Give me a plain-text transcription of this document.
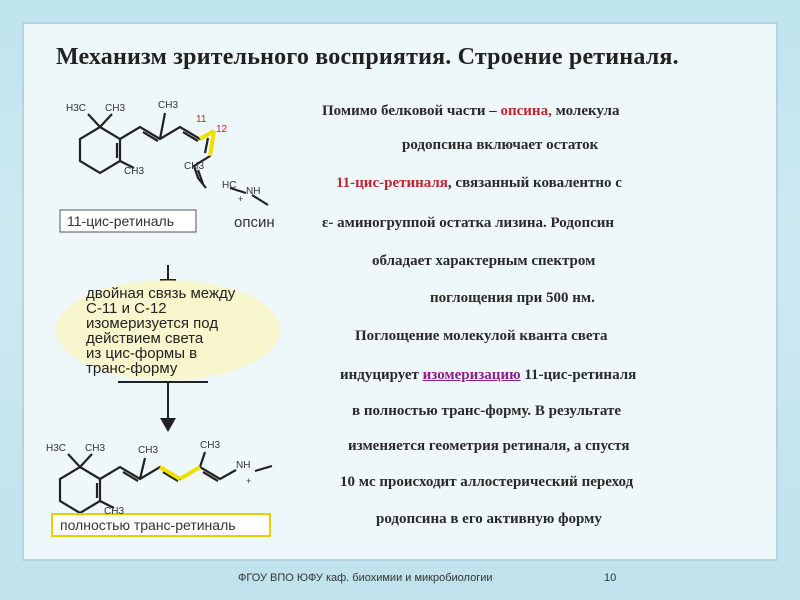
Механизм зрительного восприятия. Строение ретиналя.
Помимо белковой части – опсина, молекула
родопсина включает остаток
11-цис-ретиналя, связанный ковалентно с
ε- аминогруппой остатка лизина. Родопсин
обладает характерным спектром
поглощения при 500 нм.
Поглощение молекулой кванта света
индуцирует изомеризацию 11-цис-ретиналя
в полностью транс-форму. В результате
изменяется геометрия ретиналя, а спустя
10 мс происходит аллостерический переход
родопсина в его активную форму
H3C CH3
CH3
CH3
CH3
11
12
HC
NH
+
опсин
11-цис-ретиналь
двойная связь между
С-11 и С-12
изомеризуется под
действием света
из цис-формы в
транс-форму
H3C CH3
CH3
CH3	CH3
NH
+
полностью транс-ретиналь
ФГОУ ВПО ЮФУ каф. биохимии и микробиологии	10
